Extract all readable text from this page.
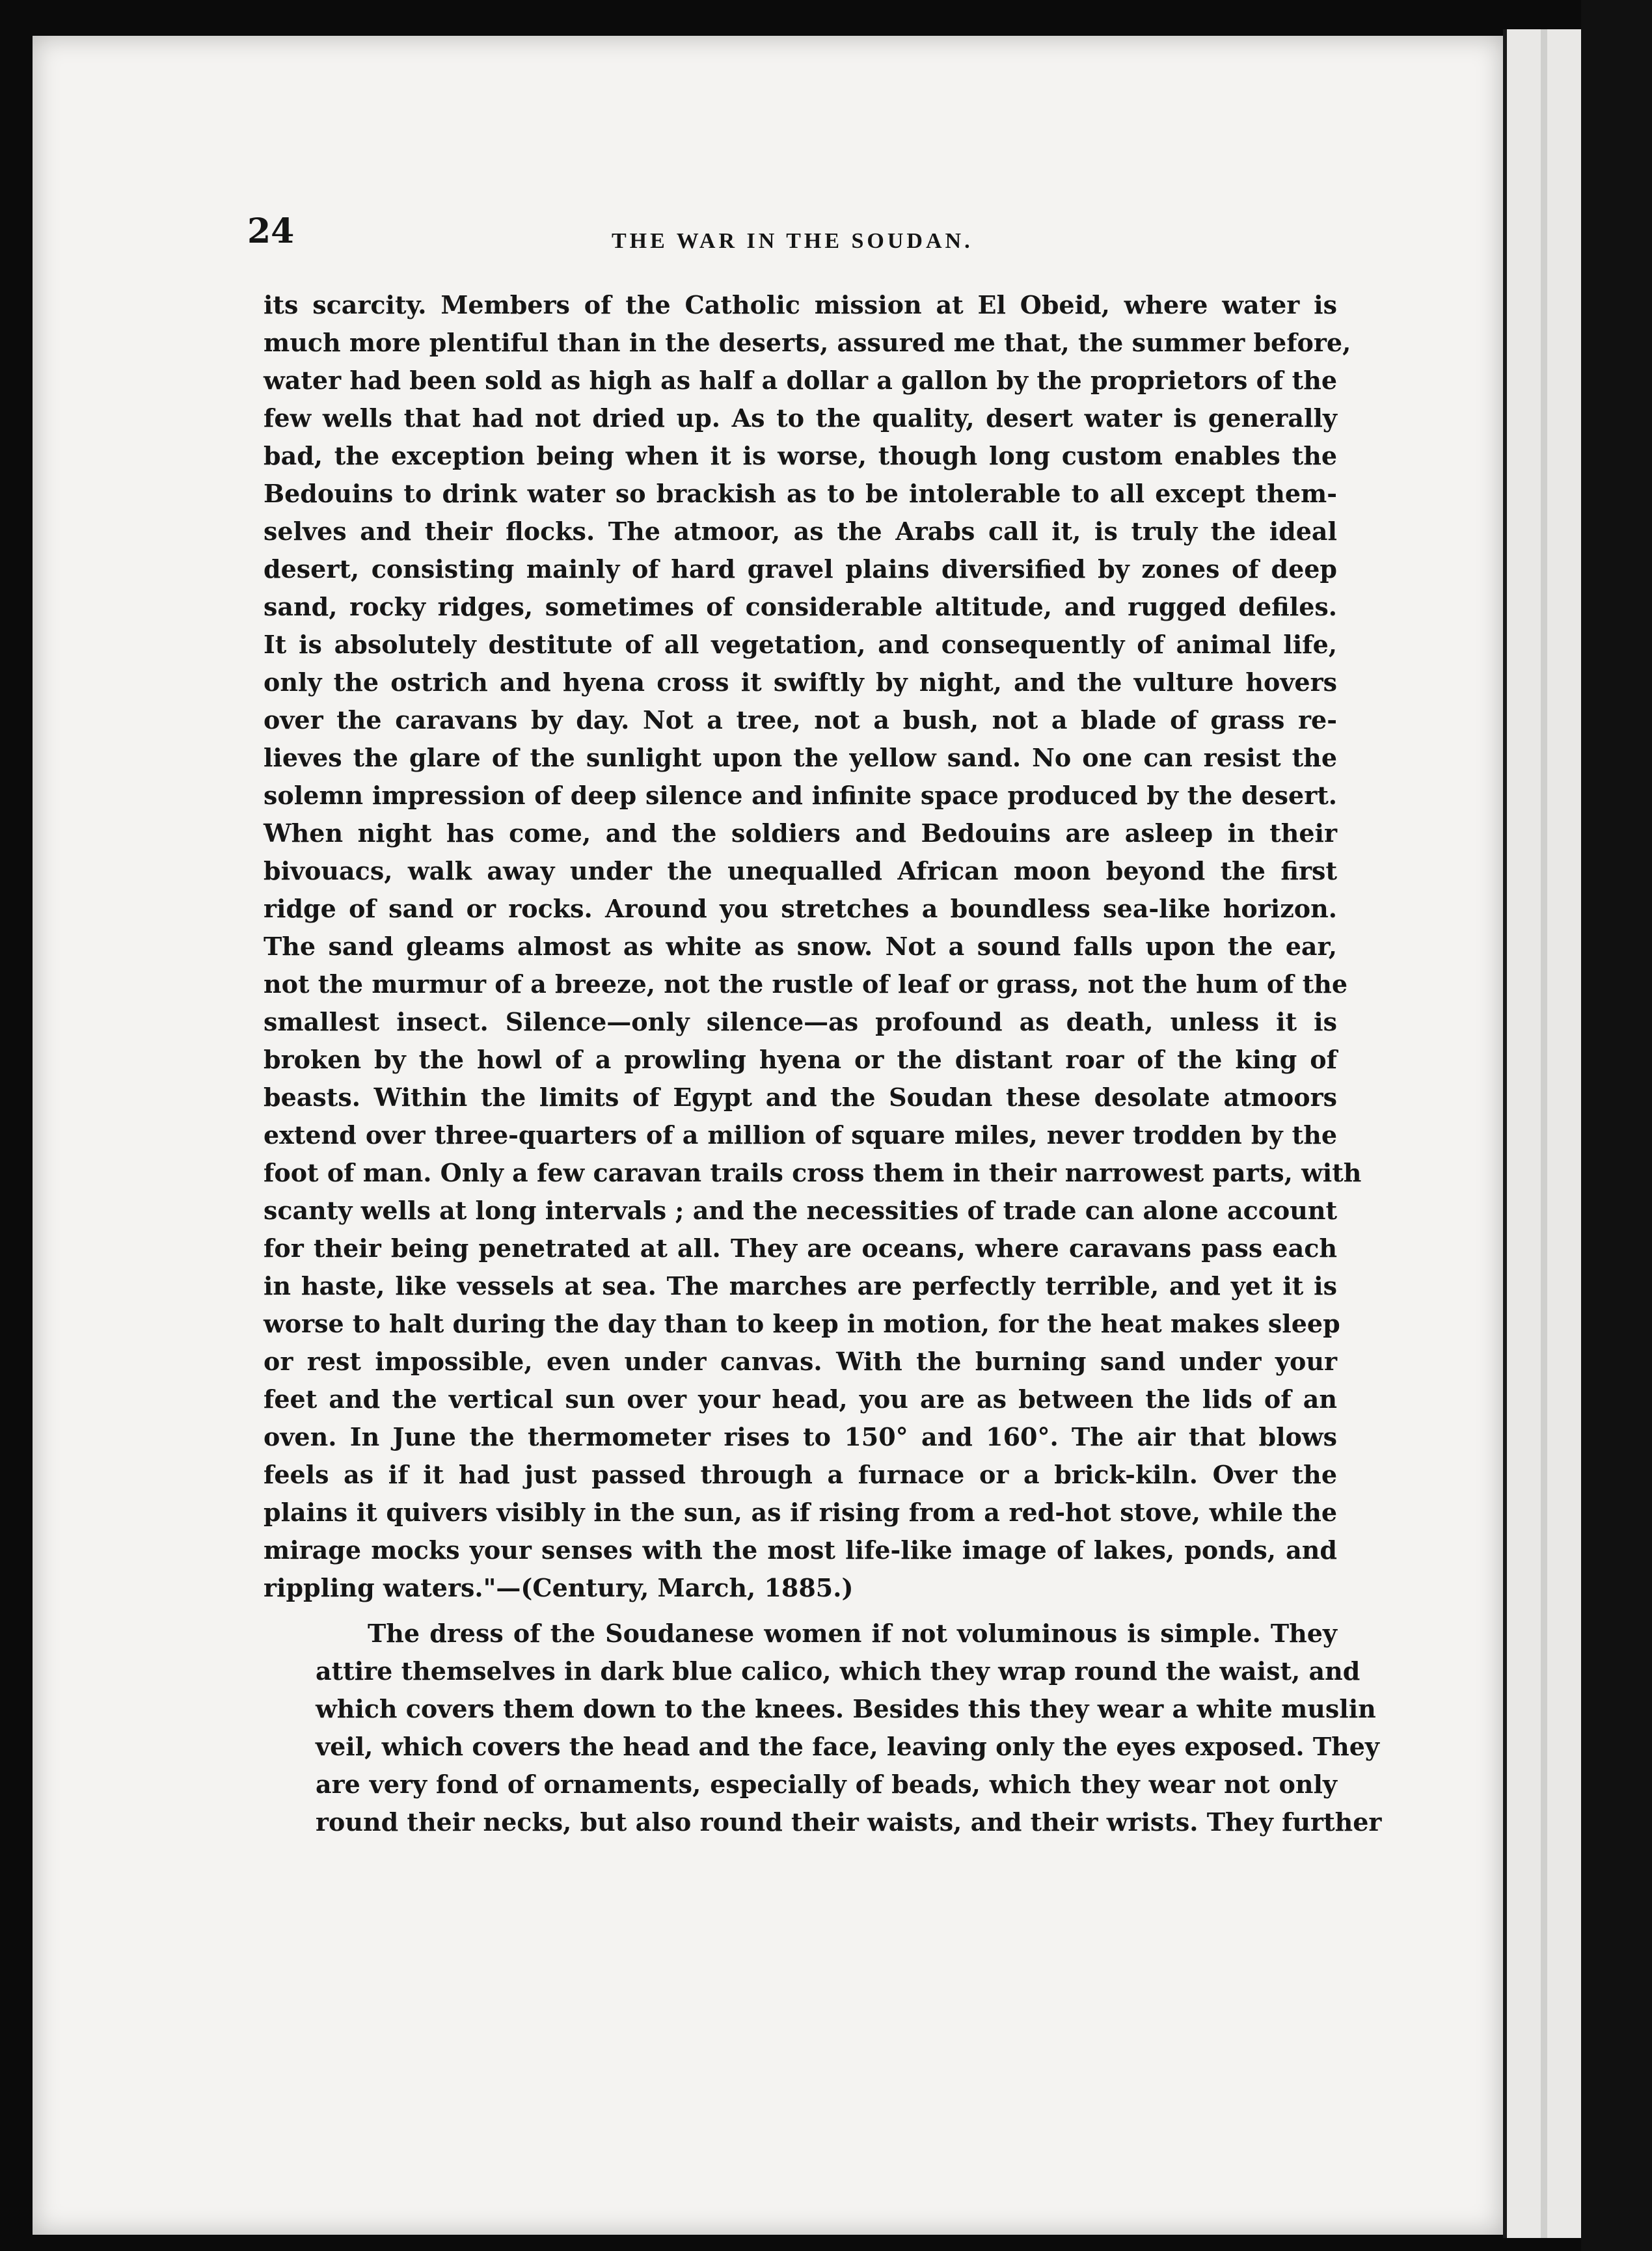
24	THE WAR IN THE SOUDAN.

its scarcity. Members of the Catholic mission at El Obeid, where water is
much more plentiful than in the deserts, assured me that, the summer before,
water had been sold as high as half a dollar a gallon by the proprietors of the
few wells that had not dried up. As to the quality, desert water is generally
bad, the exception being when it is worse, though long custom enables the
Bedouins to drink water so brackish as to be intolerable to all except them-
selves and their flocks. The atmoor, as the Arabs call it, is truly the ideal
desert, consisting mainly of hard gravel plains diversified by zones of deep
sand, rocky ridges, sometimes of considerable altitude, and rugged defiles.
It is absolutely destitute of all vegetation, and consequently of animal life,
only the ostrich and hyena cross it swiftly by night, and the vulture hovers
over the caravans by day. Not a tree, not a bush, not a blade of grass re-
lieves the glare of the sunlight upon the yellow sand. No one can resist the
solemn impression of deep silence and infinite space produced by the desert.
When night has come, and the soldiers and Bedouins are asleep in their
bivouacs, walk away under the unequalled African moon beyond the first
ridge of sand or rocks. Around you stretches a boundless sea-like horizon.
The sand gleams almost as white as snow. Not a sound falls upon the ear,
not the murmur of a breeze, not the rustle of leaf or grass, not the hum of the
smallest insect. Silence—only silence—as profound as death, unless it is
broken by the howl of a prowling hyena or the distant roar of the king of
beasts. Within the limits of Egypt and the Soudan these desolate atmoors
extend over three-quarters of a million of square miles, never trodden by the
foot of man. Only a few caravan trails cross them in their narrowest parts, with
scanty wells at long intervals ; and the necessities of trade can alone account
for their being penetrated at all. They are oceans, where caravans pass each
in haste, like vessels at sea. The marches are perfectly terrible, and yet it is
worse to halt during the day than to keep in motion, for the heat makes sleep
or rest impossible, even under canvas. With the burning sand under your
feet and the vertical sun over your head, you are as between the lids of an
oven. In June the thermometer rises to 150° and 160°. The air that blows
feels as if it had just passed through a furnace or a brick-kiln. Over the
plains it quivers visibly in the sun, as if rising from a red-hot stove, while the
mirage mocks your senses with the most life-like image of lakes, ponds, and
rippling waters."—(Century, March, 1885.)

The dress of the Soudanese women if not voluminous is simple. They
attire themselves in dark blue calico, which they wrap round the waist, and
which covers them down to the knees. Besides this they wear a white muslin
veil, which covers the head and the face, leaving only the eyes exposed. They
are very fond of ornaments, especially of beads, which they wear not only
round their necks, but also round their waists, and their wrists. They further
